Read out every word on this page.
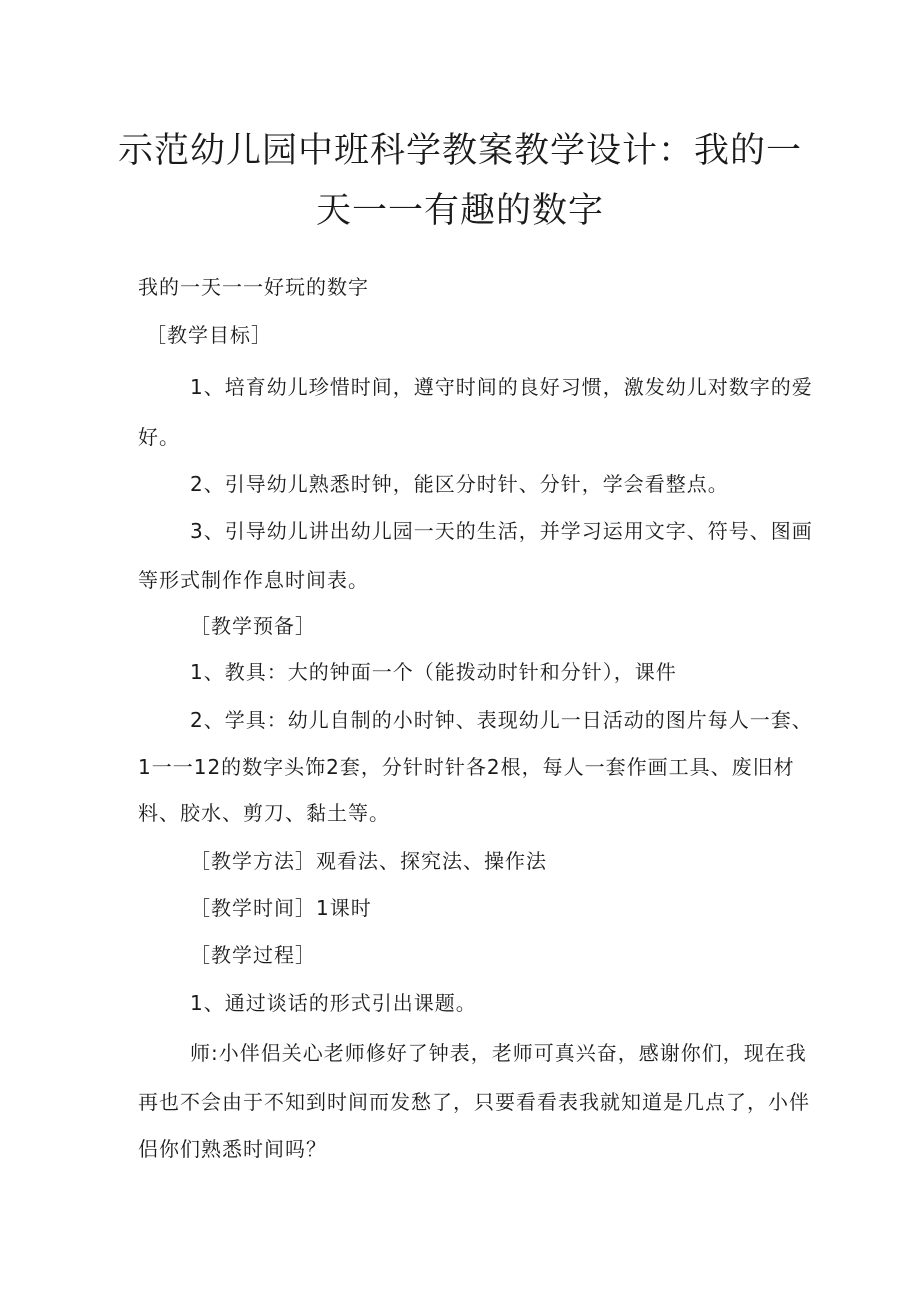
示范幼儿园中班科学教案教学设计：我的一
天一一有趣的数字
我的一天一一好玩的数字
［教学目标］
1、培育幼儿珍惜时间，遵守时间的良好习惯，激发幼儿对数字的爱
好。
2、引导幼儿熟悉时钟，能区分时针、分针，学会看整点。
3、引导幼儿讲出幼儿园一天的生活，并学习运用文字、符号、图画
等形式制作作息时间表。
［教学预备］
1、教具：大的钟面一个（能拨动时针和分针），课件
2、学具：幼儿自制的小时钟、表现幼儿一日活动的图片每人一套、
1一一12的数字头饰2套，分针时针各2根，每人一套作画工具、废旧材
料、胶水、剪刀、黏土等。
［教学方法］观看法、探究法、操作法
［教学时间］1课时
［教学过程］
1、通过谈话的形式引出课题。
师:小伴侣关心老师修好了钟表，老师可真兴奋，感谢你们，现在我
再也不会由于不知到时间而发愁了，只要看看表我就知道是几点了，小伴
侣你们熟悉时间吗？
